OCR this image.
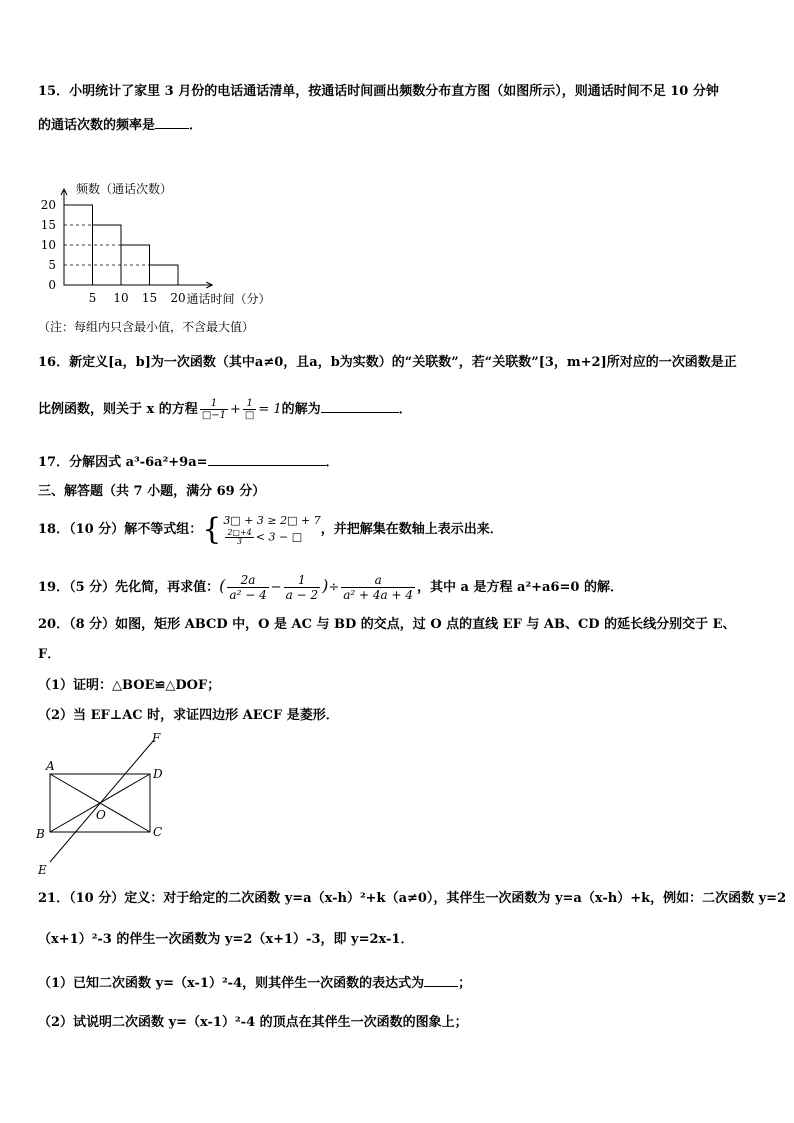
15．小明统计了家里 3 月份的电话通话清单，按通话时间画出频数分布直方图（如图所示），则通话时间不足 10 分钟
的通话次数的频率是	．
0
5
10
15
20
5 10 15 20
频数（通话次数）
通话时间（分）
（注：每组内只含最小值，不含最大值）
16．新定义[a，b]为一次函数（其中a≠0，且a，b为实数）的“关联数”，若“关联数”[3，m+2]所对应的一次函数是正
比例函数，则关于 x 的方程 $\frac{1}{□-1} + \frac{1}{□} = 1$的解为	．
17．分解因式 a³-6a²+9a=	．
三、解答题（共 7 小题，满分 69 分）
18．（10 分）解不等式组：{ 3□ + 3 ≥ 2□ + 7
$\frac{2□+4}{3} < 3$ − □	，并把解集在数轴上表示出来．
19．（5 分）先化简，再求值：( $\frac{2a}{\text{a² − 4}} - \frac{1}{a - 2}$ )÷ $\frac{a}{\text{a² + 4a + 4}}$ ，其中 a 是方程 a²+a6=0 的解．
20．（8 分）如图，矩形 ABCD 中，O 是 AC 与 BD 的交点，过 O 点的直线 EF 与 AB、CD 的延长线分别交于 E、
F．
（1）证明：△BOE≌△DOF；
（2）当 EF⊥AC 时，求证四边形 AECF 是菱形．
A
B	C
D
O
E
F
21．（10 分）定义：对于给定的二次函数 y=a（x-h）²+k（a≠0），其伴生一次函数为 y=a（x-h）+k，例如：二次函数 y=2
（x+1）²-3 的伴生一次函数为 y=2（x+1）-3，即 y=2x-1．
（1）已知二次函数 y=（x-1）²-4，则其伴生一次函数的表达式为	；
（2）试说明二次函数 y=（x-1）²-4 的顶点在其伴生一次函数的图象上；
